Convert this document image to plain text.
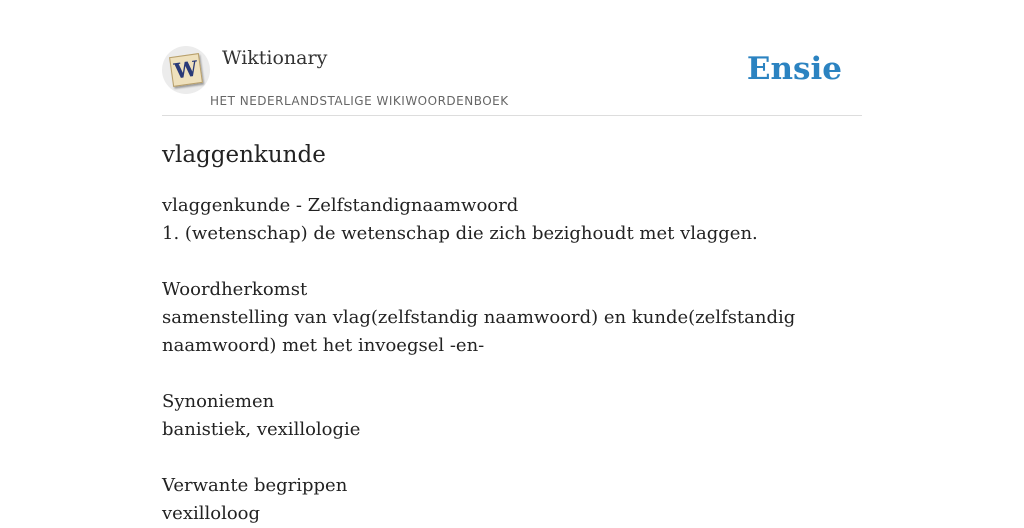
W Wiktionary
HET NEDERLANDSTALIGE WIKIWOORDENBOEK
Ensie
vlaggenkunde

vlaggenkunde - Zelfstandignaamwoord

1. (wetenschap) de wetenschap die zich bezighoudt met vlaggen.

Woordherkomst

samenstelling van vlag(zelfstandig naamwoord) en kunde(zelfstandig naamwoord) met het invoegsel -en-

Synoniemen

banistiek, vexillologie

Verwante begrippen

vexilloloog
